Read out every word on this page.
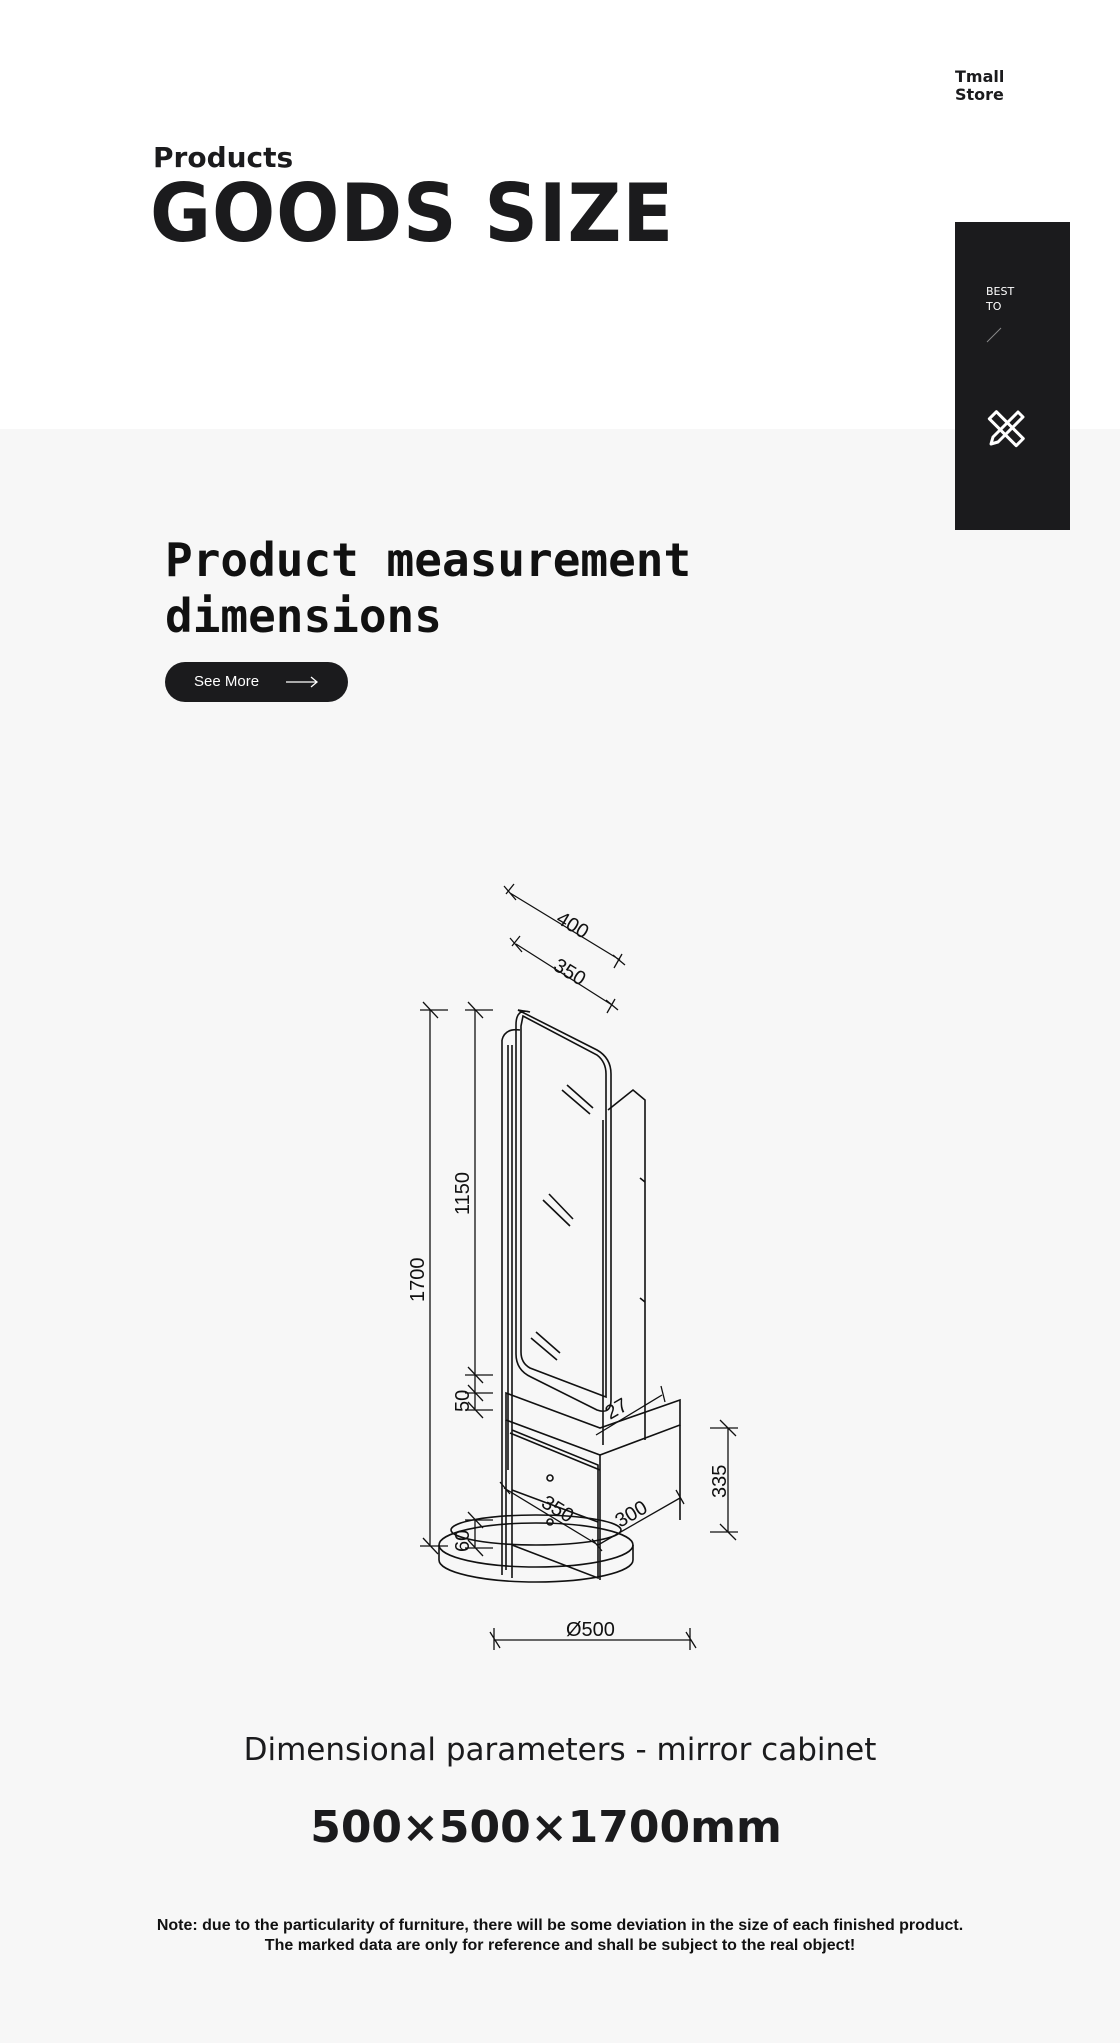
Tmall
Store
Products
GOODS SIZE
BEST
TO
Product measurement
dimensions
See More
400
350
1700
1150
50	27
335
350 300
60
Ø500
Dimensional parameters - mirror cabinet
500×500×1700mm
Note: due to the particularity of furniture, there will be some deviation in the size of each finished product.
The marked data are only for reference and shall be subject to the real object!
